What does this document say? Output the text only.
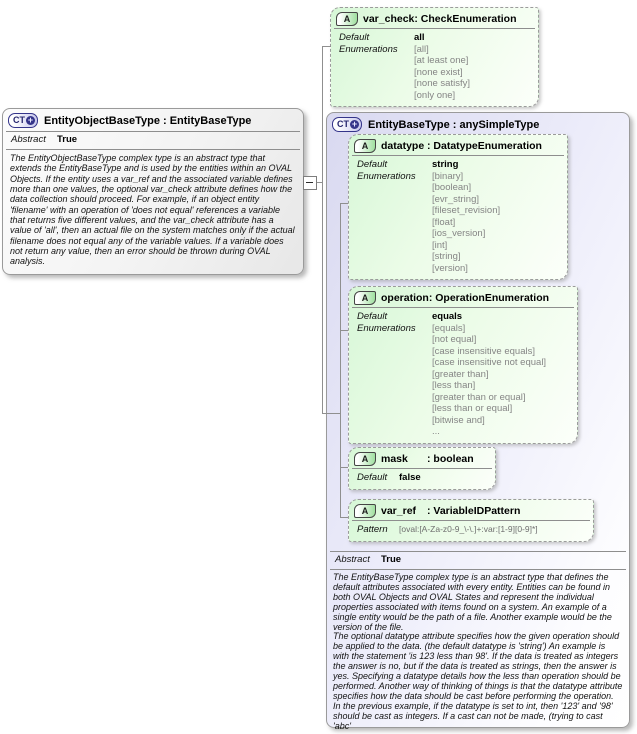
A	var_check : CheckEnumeration
Default	all
Enumerations	[all]
[at least one]
[none exist]
[none satisfy]
[only one]
CT + EntityObjectBaseType : EntityBaseType
Abstract	True
The EntityObjectBaseType complex type is an abstract type that extends the EntityBaseType and is used by the entities within an OVAL Objects. If the entity uses a var_ref and the associated variable defines more than one values, the optional var_check attribute defines how the data collection should proceed. For example, if an object entity 'filename' with an operation of 'does not equal' references a variable that returns five different values, and the var_check attribute has a value of 'all', then an actual file on the system matches only if the actual filename does not equal any of the variable values. If a variable does not return any value, then an error should be thrown during OVAL analysis.
CT + EntityBaseType : anySimpleType
A	datatype : DatatypeEnumeration
Default	string
Enumerations	[binary]
[boolean]
[evr_string]
[fileset_revision]
[float]
[ios_version]
[int]
[string]
[version]
A	operation : OperationEnumeration
Default	equals
Enumerations	[equals]
[not equal]
[case insensitive equals]
[case insensitive not equal]
[greater than]
[less than]
[greater than or equal]
[less than or equal]
[bitwise and]
...
A	mask	: boolean
Default	false
A	var_ref	: VariableIDPattern
Pattern	[oval:[A-Za-z0-9_\-\.]+:var:[1-9][0-9]*]
Abstract	True
The EntityBaseType complex type is an abstract type that defines the default attributes associated with every entity. Entities can be found in both OVAL Objects and OVAL States and represent the individual properties associated with items found on a system. An example of a single entity would be the path of a file. Another example would be the version of the file.
The optional datatype attribute specifies how the given operation should be applied to the data. (the default datatype is 'string') An example is with the statement 'is 123 less than 98'. If the data is treated as integers the answer is no, but if the data is treated as strings, then the answer is yes. Specifying a datatype details how the less than operation should be performed. Another way of thinking of things is that the datatype attribute specifies how the data should be cast before performing the operation. In the previous example, if the datatype is set to int, then '123' and '98' should be cast as integers. If a cast can not be made, (trying to cast 'abc'
